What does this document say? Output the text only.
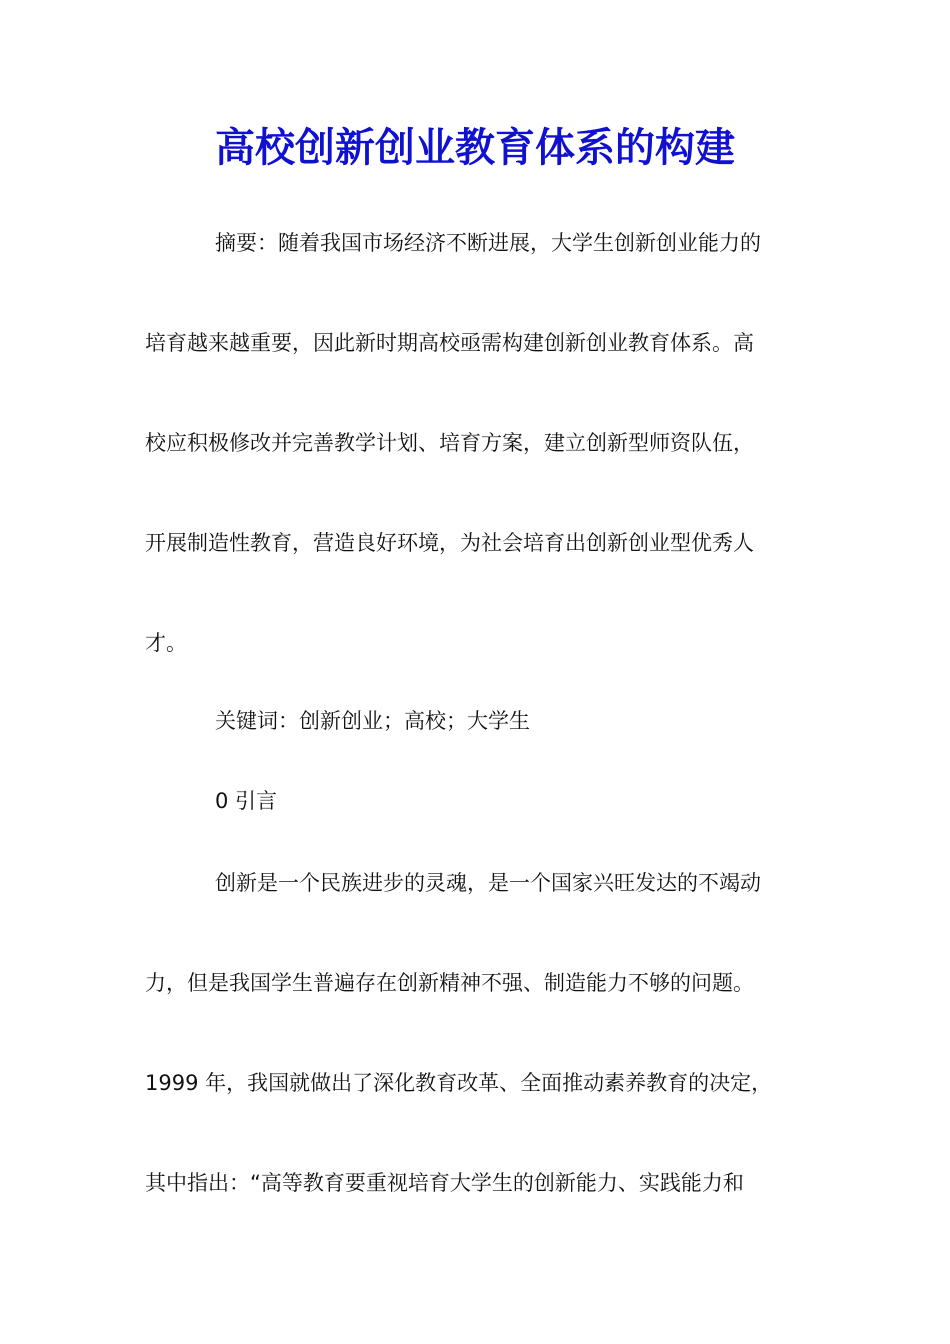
高校创新创业教育体系的构建
摘要：随着我国市场经济不断进展，大学生创新创业能力的
培育越来越重要，因此新时期高校亟需构建创新创业教育体系。高
校应积极修改并完善教学计划、培育方案，建立创新型师资队伍，
开展制造性教育，营造良好环境，为社会培育出创新创业型优秀人
才。
关键词：创新创业；高校；大学生
0 引言
创新是一个民族进步的灵魂，是一个国家兴旺发达的不竭动
力，但是我国学生普遍存在创新精神不强、制造能力不够的问题。
1999 年，我国就做出了深化教育改革、全面推动素养教育的决定，
其中指出：“高等教育要重视培育大学生的创新能力、实践能力和
